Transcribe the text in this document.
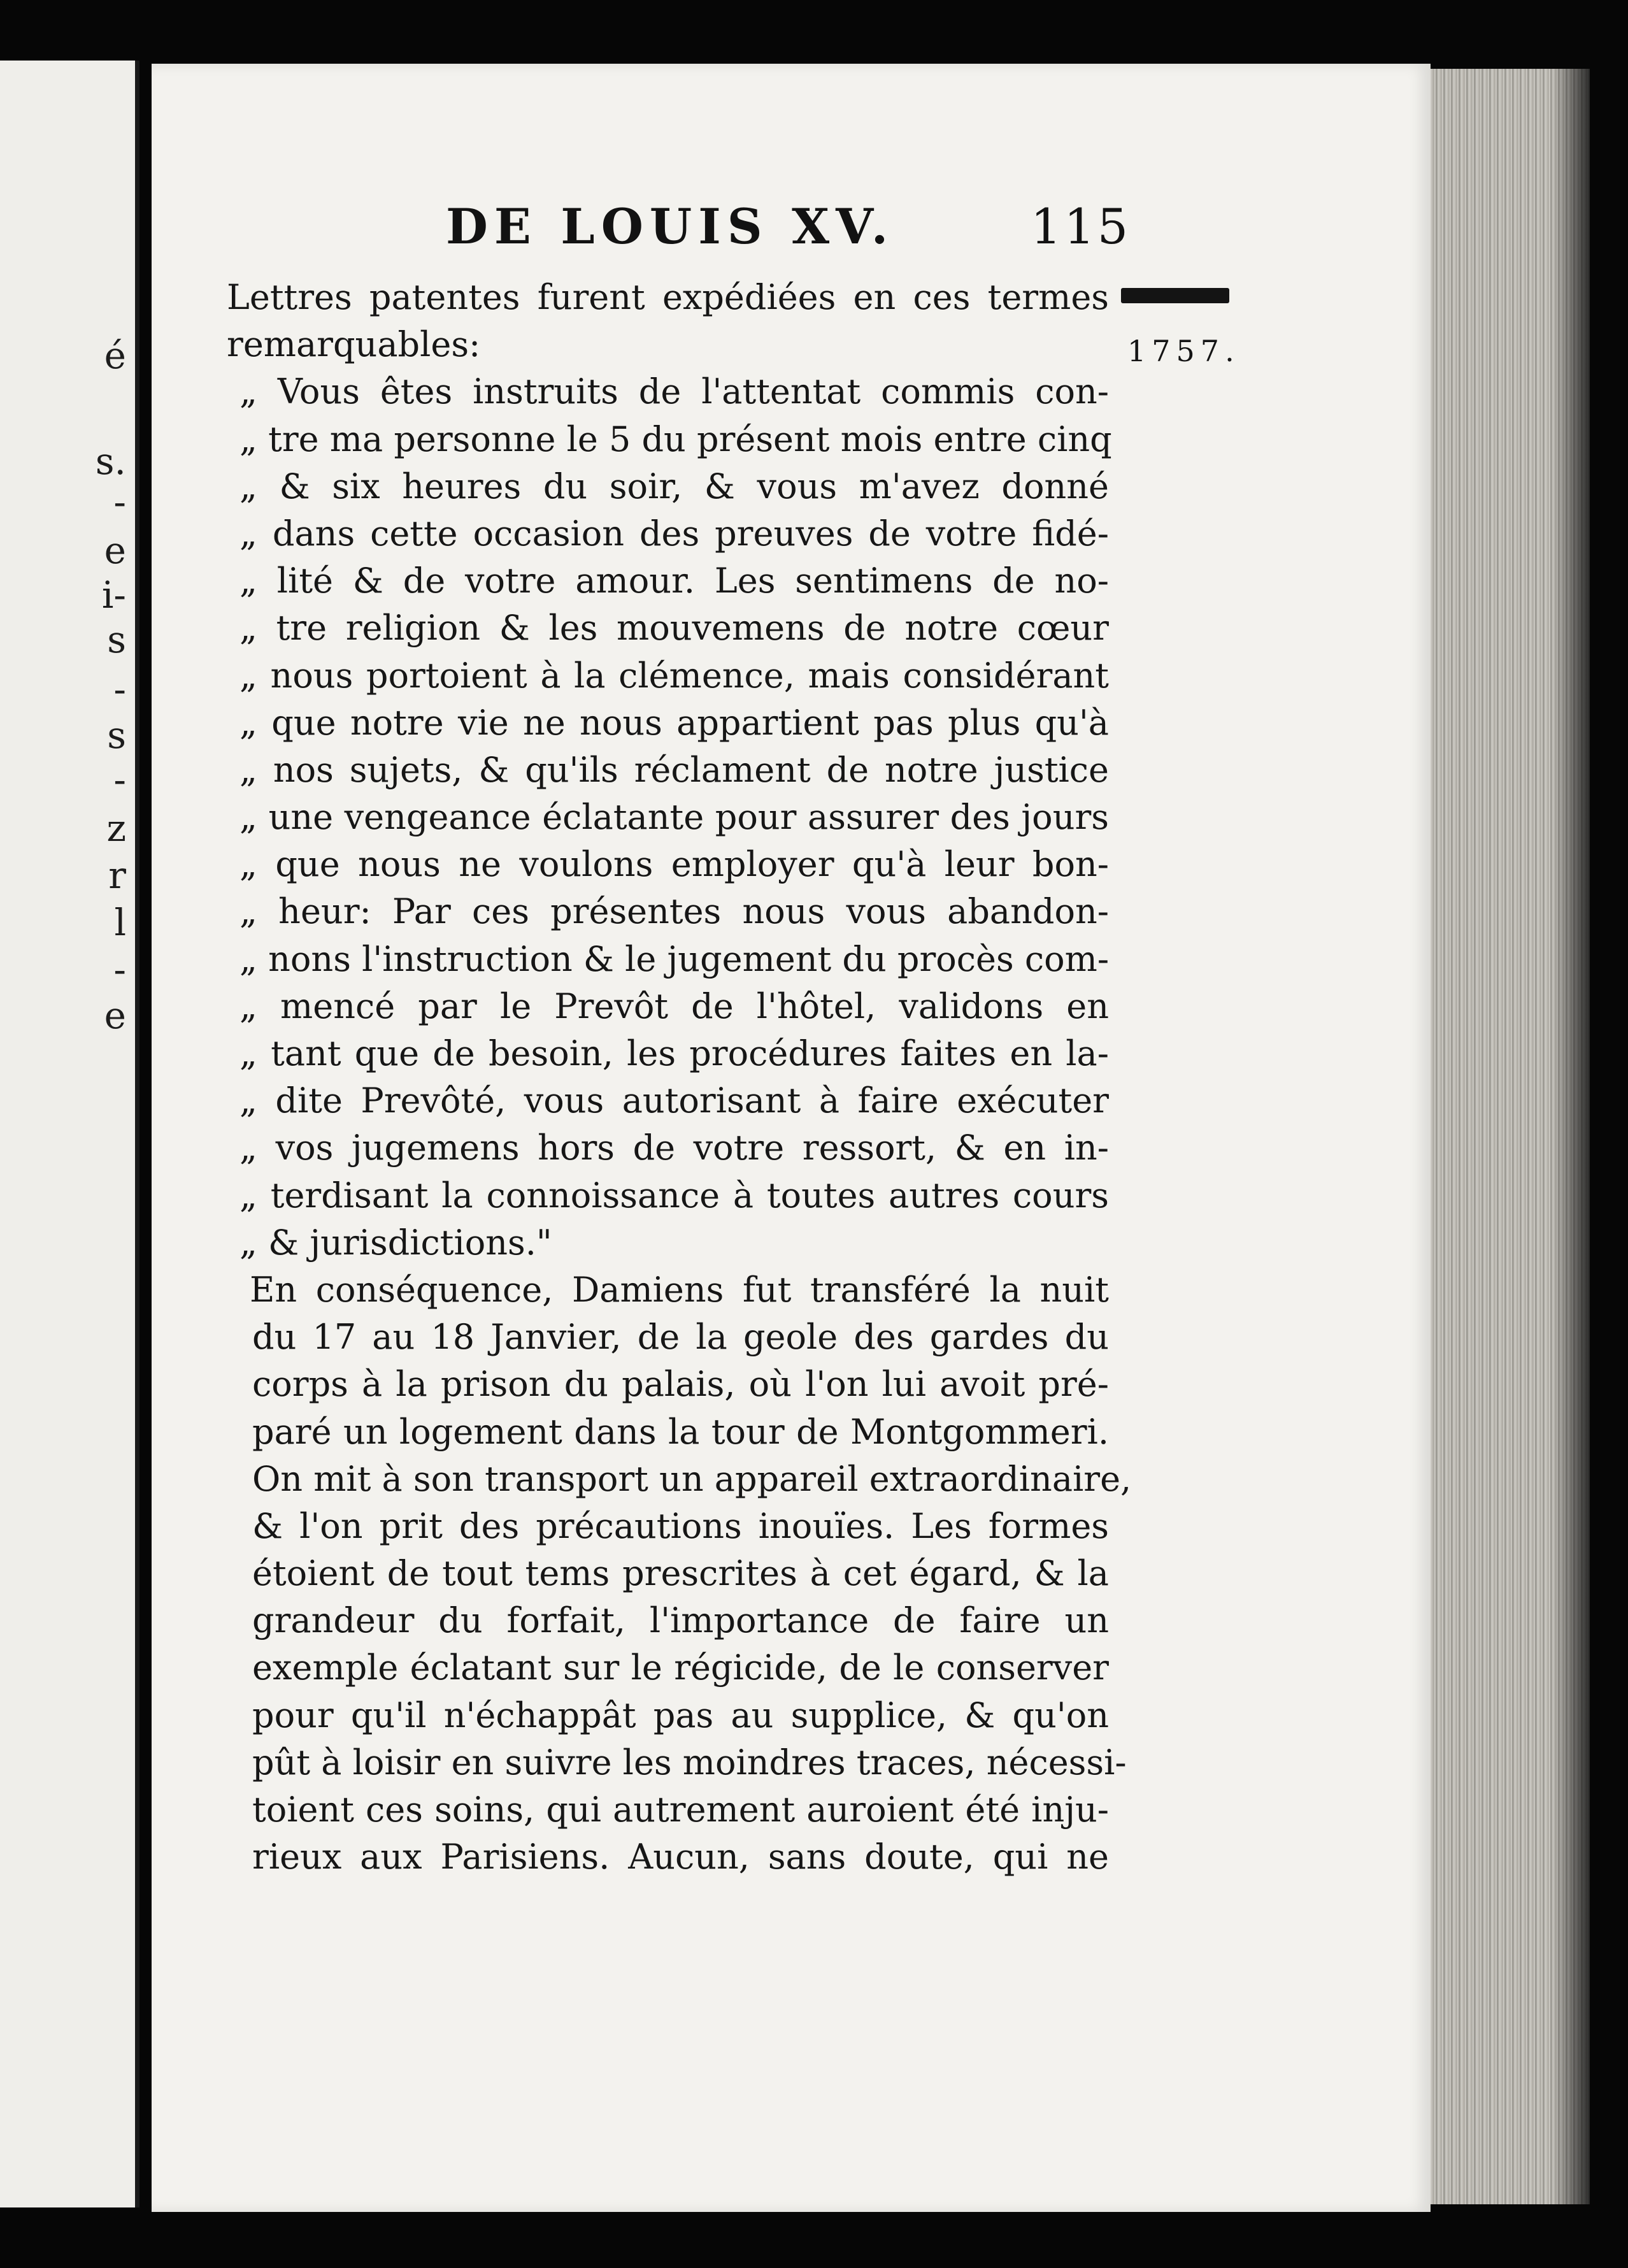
é

s.

-

e

i-

s

-

s

-

z

r

l

-

e

DE LOUIS XV.	115

1757.

Lettres patentes furent expédiées en ces termes

remarquables:

„ Vous êtes instruits de l'attentat commis con-

„ tre ma personne le 5 du présent mois entre cinq

„ & six heures du soir, & vous m'avez donné

„ dans cette occasion des preuves de votre fidé-

„ lité & de votre amour. Les sentimens de no-

„ tre religion & les mouvemens de notre cœur

„ nous portoient à la clémence, mais considérant

„ que notre vie ne nous appartient pas plus qu'à

„ nos sujets, & qu'ils réclament de notre justice

„ une vengeance éclatante pour assurer des jours

„ que nous ne voulons employer qu'à leur bon-

„ heur: Par ces présentes nous vous abandon-

„ nons l'instruction & le jugement du procès com-

„ mencé par le Prevôt de l'hôtel, validons en

„ tant que de besoin, les procédures faites en la-

„ dite Prevôté, vous autorisant à faire exécuter

„ vos jugemens hors de votre ressort, & en in-

„ terdisant la connoissance à toutes autres cours

„ & jurisdictions."

En conséquence, Damiens fut transféré la nuit

du 17 au 18 Janvier, de la geole des gardes du

corps à la prison du palais, où l'on lui avoit pré-

paré un logement dans la tour de Montgommeri.

On mit à son transport un appareil extraordinaire,

& l'on prit des précautions inouïes. Les formes

étoient de tout tems prescrites à cet égard, & la

grandeur du forfait, l'importance de faire un

exemple éclatant sur le régicide, de le conserver

pour qu'il n'échappât pas au supplice, & qu'on

pût à loisir en suivre les moindres traces, nécessi-

toient ces soins, qui autrement auroient été inju-

rieux aux Parisiens. Aucun, sans doute, qui ne
